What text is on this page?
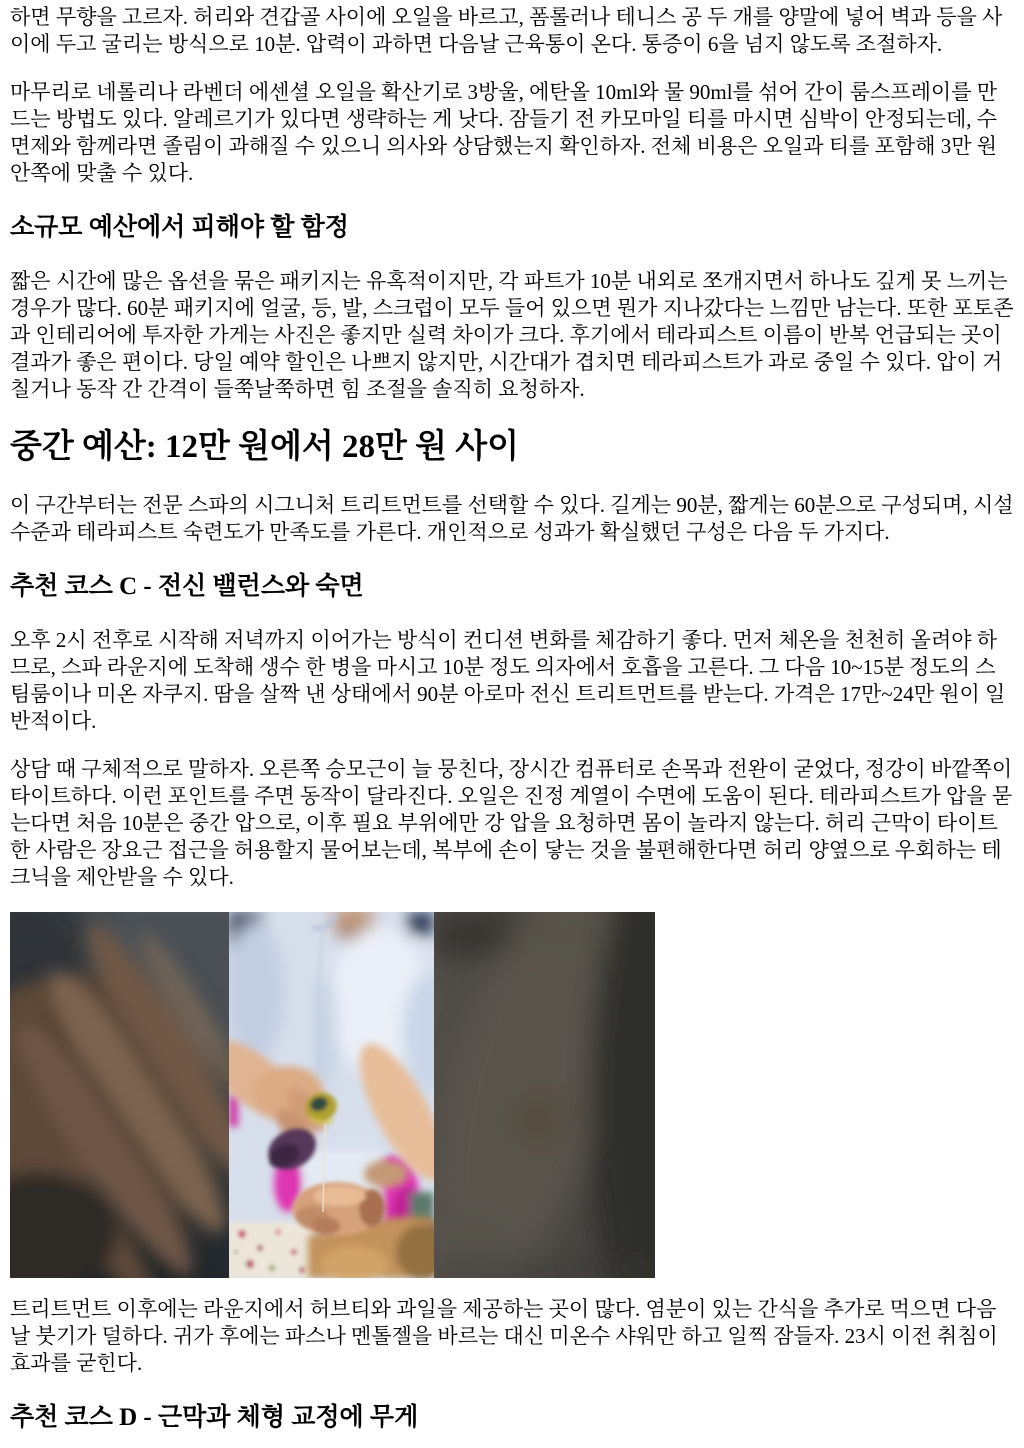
하면 무향을 고르자. 허리와 견갑골 사이에 오일을 바르고, 폼롤러나 테니스 공 두 개를 양말에 넣어 벽과 등을 사이에 두고 굴리는 방식으로 10분. 압력이 과하면 다음날 근육통이 온다. 통증이 6을 넘지 않도록 조절하자.

마무리로 네롤리나 라벤더 에센셜 오일을 확산기로 3방울, 에탄올 10ml와 물 90ml를 섞어 간이 룸스프레이를 만드는 방법도 있다. 알레르기가 있다면 생략하는 게 낫다. 잠들기 전 카모마일 티를 마시면 심박이 안정되는데, 수면제와 함께라면 졸림이 과해질 수 있으니 의사와 상담했는지 확인하자. 전체 비용은 오일과 티를 포함해 3만 원 안쪽에 맞출 수 있다.

소규모 예산에서 피해야 할 함정

짧은 시간에 많은 옵션을 묶은 패키지는 유혹적이지만, 각 파트가 10분 내외로 쪼개지면서 하나도 깊게 못 느끼는 경우가 많다. 60분 패키지에 얼굴, 등, 발, 스크럽이 모두 들어 있으면 뭔가 지나갔다는 느낌만 남는다. 또한 포토존과 인테리어에 투자한 가게는 사진은 좋지만 실력 차이가 크다. 후기에서 테라피스트 이름이 반복 언급되는 곳이 결과가 좋은 편이다. 당일 예약 할인은 나쁘지 않지만, 시간대가 겹치면 테라피스트가 과로 중일 수 있다. 압이 거칠거나 동작 간 간격이 들쭉날쭉하면 힘 조절을 솔직히 요청하자.

중간 예산: 12만 원에서 28만 원 사이

이 구간부터는 전문 스파의 시그니처 트리트먼트를 선택할 수 있다. 길게는 90분, 짧게는 60분으로 구성되며, 시설 수준과 테라피스트 숙련도가 만족도를 가른다. 개인적으로 성과가 확실했던 구성은 다음 두 가지다.

추천 코스 C - 전신 밸런스와 숙면

오후 2시 전후로 시작해 저녁까지 이어가는 방식이 컨디션 변화를 체감하기 좋다. 먼저 체온을 천천히 올려야 하므로, 스파 라운지에 도착해 생수 한 병을 마시고 10분 정도 의자에서 호흡을 고른다. 그 다음 10~15분 정도의 스팀룸이나 미온 자쿠지. 땀을 살짝 낸 상태에서 90분 아로마 전신 트리트먼트를 받는다. 가격은 17만~24만 원이 일반적이다.

상담 때 구체적으로 말하자. 오른쪽 승모근이 늘 뭉친다, 장시간 컴퓨터로 손목과 전완이 굳었다, 정강이 바깥쪽이 타이트하다. 이런 포인트를 주면 동작이 달라진다. 오일은 진정 계열이 수면에 도움이 된다. 테라피스트가 압을 묻는다면 처음 10분은 중간 압으로, 이후 필요 부위에만 강 압을 요청하면 몸이 놀라지 않는다. 허리 근막이 타이트한 사람은 장요근 접근을 허용할지 물어보는데, 복부에 손이 닿는 것을 불편해한다면 허리 양옆으로 우회하는 테크닉을 제안받을 수 있다.

트리트먼트 이후에는 라운지에서 허브티와 과일을 제공하는 곳이 많다. 염분이 있는 간식을 추가로 먹으면 다음 날 붓기가 덜하다. 귀가 후에는 파스나 멘톨젤을 바르는 대신 미온수 샤워만 하고 일찍 잠들자. 23시 이전 취침이 효과를 굳힌다.

추천 코스 D - 근막과 체형 교정에 무게
